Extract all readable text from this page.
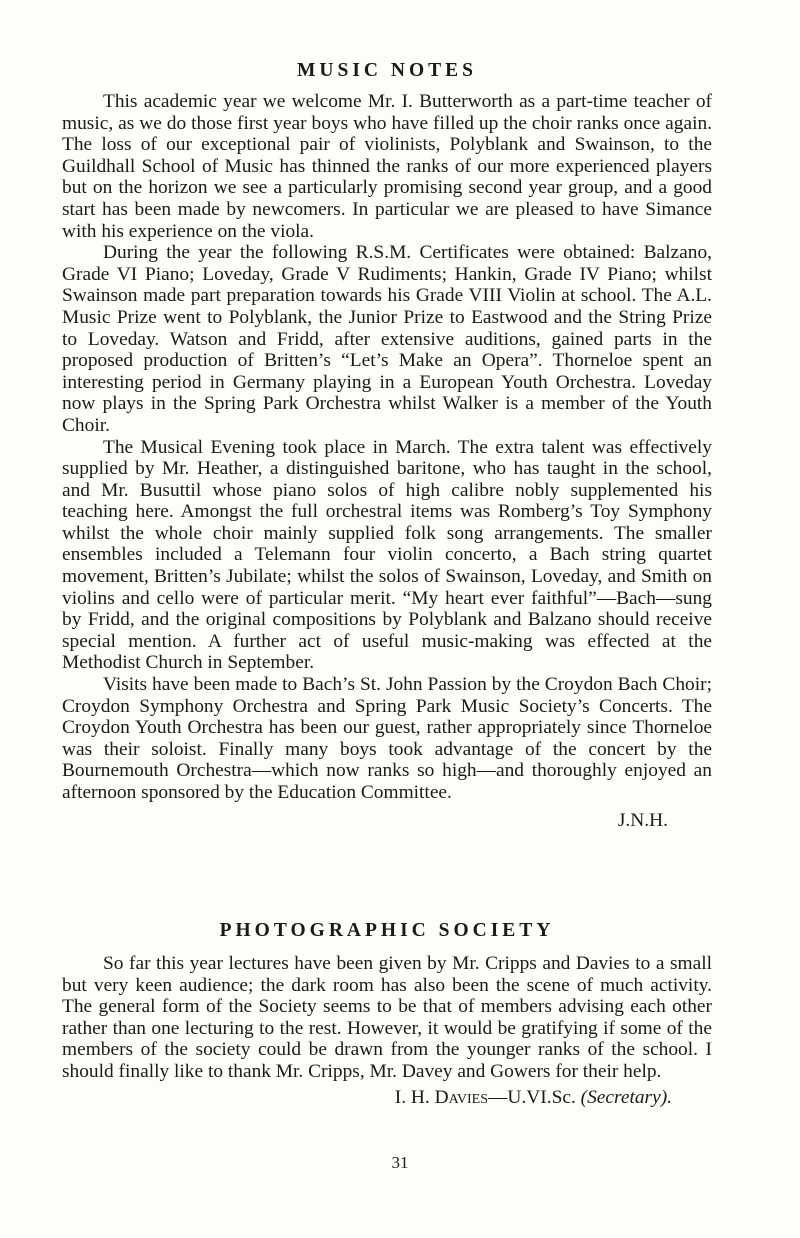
MUSIC NOTES

This academic year we welcome Mr. I. Butterworth as a part-time teacher of music, as we do those first year boys who have filled up the choir ranks once again. The loss of our exceptional pair of violinists, Polyblank and Swainson, to the Guildhall School of Music has thinned the ranks of our more experienced players but on the horizon we see a particularly promising second year group, and a good start has been made by newcomers. In particular we are pleased to have Simance with his experience on the viola.

During the year the following R.S.M. Certificates were obtained: Balzano, Grade VI Piano; Loveday, Grade V Rudiments; Hankin, Grade IV Piano; whilst Swainson made part preparation towards his Grade VIII Violin at school. The A.L. Music Prize went to Polyblank, the Junior Prize to Eastwood and the String Prize to Loveday. Watson and Fridd, after extensive auditions, gained parts in the proposed production of Britten’s “Let’s Make an Opera”. Thorneloe spent an interesting period in Germany playing in a European Youth Orchestra. Loveday now plays in the Spring Park Orchestra whilst Walker is a member of the Youth Choir.

The Musical Evening took place in March. The extra talent was effectively supplied by Mr. Heather, a distinguished baritone, who has taught in the school, and Mr. Busuttil whose piano solos of high calibre nobly supplemented his teaching here. Amongst the full orchestral items was Romberg’s Toy Symphony whilst the whole choir mainly supplied folk song arrangements. The smaller ensembles included a Telemann four violin concerto, a Bach string quartet movement, Britten’s Jubilate; whilst the solos of Swainson, Loveday, and Smith on violins and cello were of particular merit. “My heart ever faithful”—Bach—sung by Fridd, and the original compositions by Polyblank and Balzano should receive special mention. A further act of useful music-making was effected at the Methodist Church in September.

Visits have been made to Bach’s St. John Passion by the Croydon Bach Choir; Croydon Symphony Orchestra and Spring Park Music Society’s Concerts. The Croydon Youth Orchestra has been our guest, rather appropriately since Thorneloe was their soloist. Finally many boys took advantage of the concert by the Bournemouth Orchestra—which now ranks so high—and thoroughly enjoyed an afternoon sponsored by the Education Committee.

J.N.H.
PHOTOGRAPHIC SOCIETY

So far this year lectures have been given by Mr. Cripps and Davies to a small but very keen audience; the dark room has also been the scene of much activity. The general form of the Society seems to be that of members advising each other rather than one lecturing to the rest. However, it would be gratifying if some of the members of the society could be drawn from the younger ranks of the school. I should finally like to thank Mr. Cripps, Mr. Davey and Gowers for their help.

I. H. Davies—U.VI.Sc. (Secretary).
31
